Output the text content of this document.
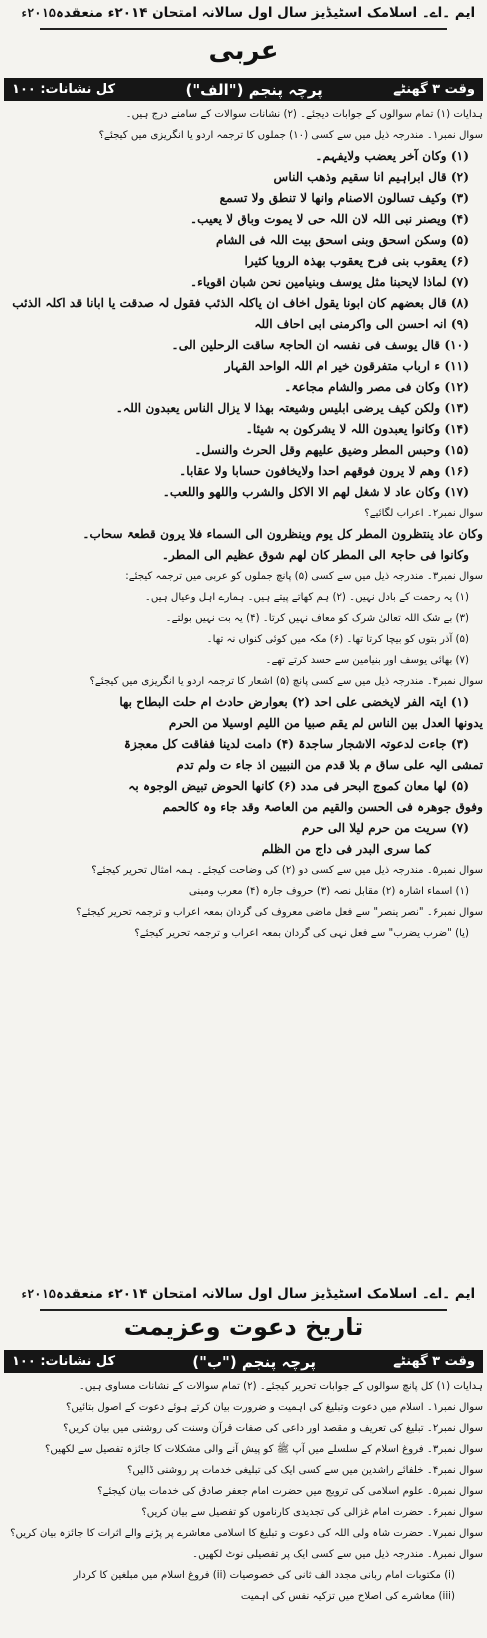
ایم ۔اے۔ اسلامک اسٹیڈیز سال اول سالانہ امتحان ۲۰۱۴ء منعقدہ
۲۰۱۵ء
عربی
وقت ۳ گھنٹے
پرچہ پنجم ("الف")
کل نشانات: ۱۰۰
ہدایات (۱) تمام سوالوں کے جوابات دیجئے۔ (۲) نشانات سوالات کے سامنے درج ہیں۔
سوال نمبر۱۔ مندرجہ ذیل میں سے کسی (۱۰) جملوں کا ترجمہ اردو یا انگریزی میں کیجئے؟
(۱) وکان آخر یعضب ولایفہم۔
(۲) قال ابراہیم انا سقیم وذھب الناس
(۳) وکیف تسالون الاصنام وانھا لا تنطق ولا تسمع
(۴) ویصنر نبی اللہ لان اللہ حی لا یموت وباق لا یعیب۔
(۵) وسکن اسحق وبنی اسحق بیت اللہ فی الشام
(۶) یعقوب بنی فرح یعقوب بھذہ الرویا کثیرا
(۷) لماذا لایحبنا مثل یوسف وبنیامین نحن شبان اقویاء۔
(۸) قال بعضھم کان ابونا یقول اخاف ان یاکلہ الذئب فقول لہ صدقت یا ابانا قد اکلہ الذئب
(۹) انہ احسن الی واکرمنی ابی احاف اللہ
(۱۰) قال یوسف فی نفسہ ان الحاجۃ ساقت الرحلین الی۔
(۱۱) ء ارباب متفرقون خیر ام اللہ الواحد القہار
(۱۲) وکان فی مصر والشام مجاعۃ۔
(۱۳) ولکن کیف یرضی ابلیس وشیعتہ بھذا لا یزال الناس یعبدون اللہ۔
(۱۴) وکانوا یعبدون اللہ لا یشرکون بہ شیئا۔
(۱۵) وحبس المطر وضیق علیھم وقل الحرث والنسل۔
(۱۶) وھم لا یرون فوقھم احدا ولایخافون حسابا ولا عقابا۔
(۱۷) وکان عاد لا شغل لھم الا الاکل والشرب واللھو واللعب۔
سوال نمبر۲۔ اعراب لگائیے؟
وکان عاد ینتظرون المطر کل یوم وینظرون الی السماء فلا یرون قطعۃ سحاب۔
وکانوا فی حاجۃ الی المطر کان لھم شوق عظیم الی المطر۔
سوال نمبر۳۔ مندرجہ ذیل میں سے کسی (۵) پانچ جملوں کو عربی میں ترجمہ کیجئے:
(۱) یہ رحمت کے بادل نہیں۔ (۲) ہم کھاتے پیتے ہیں۔ ہمارے اہل وعیال ہیں۔
(۳) بے شک اللہ تعالیٰ شرک کو معاف نہیں کرتا۔ (۴) یہ بت نہیں بولتے۔
(۵) آذر بتوں کو بیچا کرتا تھا۔ (۶) مکہ میں کوئی کنواں نہ تھا۔
(۷) بھائی یوسف اور بنیامین سے حسد کرتے تھے۔
سوال نمبر۴۔ مندرجہ ذیل میں سے کسی پانچ (۵) اشعار کا ترجمہ اردو یا انگریزی میں کیجئے؟
(۱) ایتہ الفر لایخضی علی احد (۲) بعوارض حادث ام حلت البطاح بھا
یدونھا العدل بین الناس لم یقم صبیا من اللیم اوسیلا من الحرم
(۳) جاءت لدعوتہ الاشجار ساجدۃ (۴) دامت لدینا ففاقت کل معجزۃ
تمشی الیہ علی ساق م بلا قدم من النبیین اذ جاء ت ولم تدم
(۵) لھا معان کموج البحر فی مدد (۶) کانھا الحوض تبیض الوجوہ بہ
وفوق جوھرہ فی الحسن والقیم من العاصۃ وقد جاء وہ کالحمم
(۷) سریت من حرم لیلا الی حرم
کما سری البدر فی داج من الظلم
سوال نمبر۵۔ مندرجہ ذیل میں سے کسی دو (۲) کی وضاحت کیجئے۔ ہمہ امثال تحریر کیجئے؟
(۱) اسماء اشارہ (۲) مقابل نصہ (۳) حروف جارہ (۴) معرب ومبنی
سوال نمبر۶۔ "نصر ینصر" سے فعل ماضی معروف کی گردان بمعہ اعراب و ترجمہ تحریر کیجئے؟
(یا) "ضرب یضرب" سے فعل نہی کی گردان بمعہ اعراب و ترجمہ تحریر کیجئے؟
ایم ۔اے۔ اسلامک اسٹیڈیز سال اول سالانہ امتحان ۲۰۱۴ء منعقدہ
۲۰۱۵ء
تاریخ دعوت وعزیمت
وقت ۳ گھنٹے
پرچہ پنجم ("ب")
کل نشانات: ۱۰۰
ہدایات (۱) کل پانچ سوالوں کے جوابات تحریر کیجئے۔ (۲) تمام سوالات کے نشانات مساوی ہیں۔
سوال نمبر۱۔ اسلام میں دعوت وتبلیغ کی اہمیت و ضرورت بیان کرتے ہوئے دعوت کے اصول بتائیں؟
سوال نمبر۲۔ تبلیغ کی تعریف و مقصد اور داعی کی صفات قرآن وسنت کی روشنی میں بیان کریں؟
سوال نمبر۳۔ فروغ اسلام کے سلسلے میں آپ ﷺ کو پیش آنے والی مشکلات کا جائزہ تفصیل سے لکھیں؟
سوال نمبر۴۔ خلفائے راشدین میں سے کسی ایک کی تبلیغی خدمات پر روشنی ڈالیں؟
سوال نمبر۵۔ علوم اسلامی کی ترویج میں حضرت امام جعفر صادق کی خدمات بیان کیجئے؟
سوال نمبر۶۔ حضرت امام غزالی کی تجدیدی کارناموں کو تفصیل سے بیان کریں؟
سوال نمبر۷۔ حضرت شاہ ولی اللہ کی دعوت و تبلیغ کا اسلامی معاشرے پر پڑنے والے اثرات کا جائزہ بیان کریں؟
سوال نمبر۸۔ مندرجہ ذیل میں سے کسی ایک پر تفصیلی نوٹ لکھیں۔
(i) مکتوبات امام ربانی مجدد الف ثانی کی خصوصیات (ii) فروغ اسلام میں مبلغین کا کردار
(iii) معاشرے کی اصلاح میں تزکیہ نفس کی اہمیت
